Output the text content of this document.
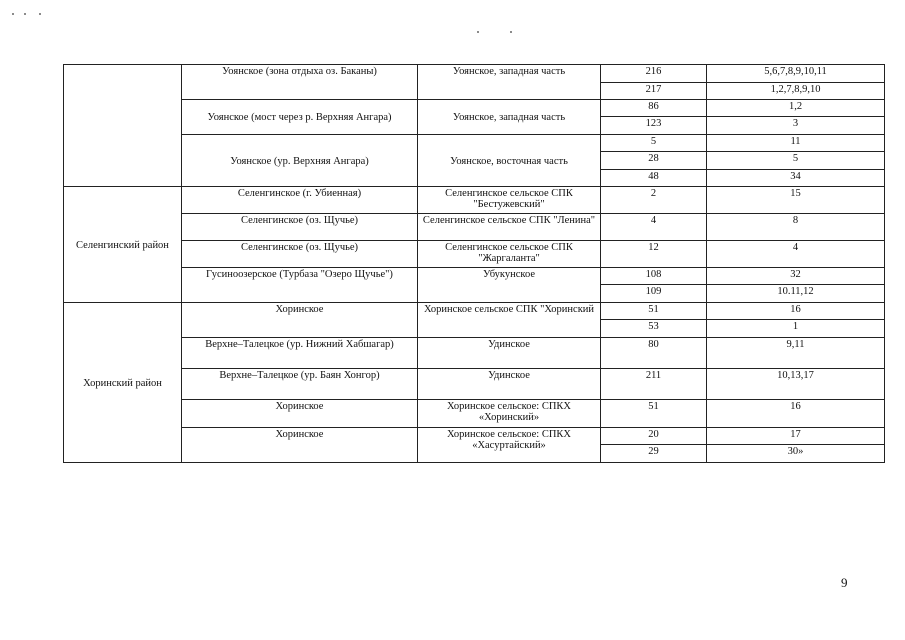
	Уоянское (зона отдыха оз. Баканы)	Уоянское, западная часть	216	5,6,7,8,9,10,11
			217	1,2,7,8,9,10
	Уоянское (мост через р. Верхняя Ангара)	Уоянское, западная часть	86	1,2
			123	3
	Уоянское (ур. Верхняя Ангара)	Уоянское, восточная часть	5	11
			28	5
			48	34
Селенгинский район	Селенгинское (г. Убиенная)	Селенгинское сельское СПК "Бестужевский"	2	15
	Селенгинское (оз. Щучье)	Селенгинское сельское СПК "Ленина"	4	8
	Селенгинское (оз. Щучье)	Селенгинское сельское СПК "Жаргаланта"	12	4
	Гусиноозерское (Турбаза "Озеро Щучье")	Убукунское	108	32
			109	10.11,12
Хоринский район	Хоринское	Хоринское сельское СПК "Хоринский	51	16
			53	1
	Верхне–Талецкое (ур. Нижний Хабшагар)	Удинское	80	9,11
	Верхне–Талецкое (ур. Баян Хонгор)	Удинское	211	10,13,17
	Хоринское	Хоринское сельское: СПКХ «Хоринский»	51	16
	Хоринское	Хоринское сельское: СПКХ «Хасуртайский»	20	17
			29	30»
9
